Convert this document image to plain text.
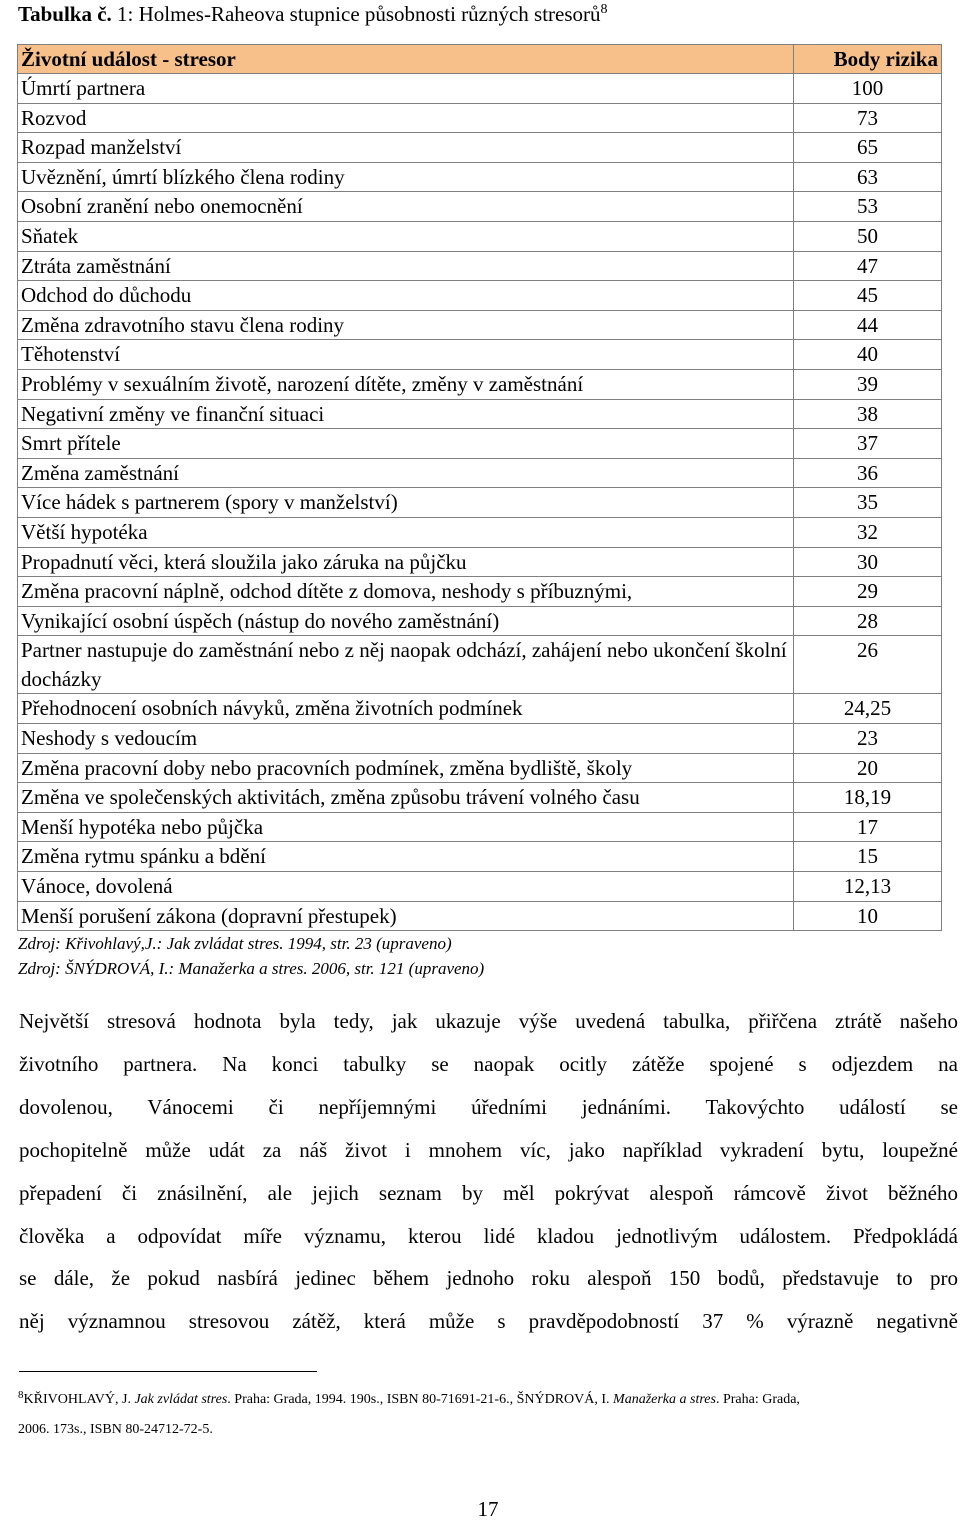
Tabulka č. 1: Holmes-Raheova stupnice působnosti různých stresorů$^8$
Životní událost - stresor	Body rizika
Úmrtí partnera	100
Rozvod	73
Rozpad manželství	65
Uvěznění, úmrtí blízkého člena rodiny	63
Osobní zranění nebo onemocnění	53
Sňatek	50
Ztráta zaměstnání	47
Odchod do důchodu	45
Změna zdravotního stavu člena rodiny	44
Těhotenství	40
Problémy v sexuálním životě, narození dítěte, změny v zaměstnání	39
Negativní změny ve finanční situaci	38
Smrt přítele	37
Změna zaměstnání	36
Více hádek s partnerem (spory v manželství)	35
Větší hypotéka	32
Propadnutí věci, která sloužila jako záruka na půjčku	30
Změna pracovní náplně, odchod dítěte z domova, neshody s příbuznými,	29
Vynikající osobní úspěch (nástup do nového zaměstnání)	28
Partner nastupuje do zaměstnání nebo z něj naopak odchází, zahájení nebo ukončení školní docházky	26
Přehodnocení osobních návyků, změna životních podmínek	24,25
Neshody s vedoucím	23
Změna pracovní doby nebo pracovních podmínek, změna bydliště, školy	20
Změna ve společenských aktivitách, změna způsobu trávení volného času	18,19
Menší hypotéka nebo půjčka	17
Změna rytmu spánku a bdění	15
Vánoce, dovolená	12,13
Menší porušení zákona (dopravní přestupek)	10
Zdroj: Křivohlavý,J.: Jak zvládat stres. 1994, str. 23 (upraveno)
Zdroj: ŠNÝDROVÁ, I.: Manažerka a stres. 2006, str. 121 (upraveno)
Největší stresová hodnota byla tedy, jak ukazuje výše uvedená tabulka, přiřčena ztrátě našeho
životního partnera. Na konci tabulky se naopak ocitly zátěže spojené s odjezdem na
dovolenou, Vánocemi či nepříjemnými úředními jednáními. Takovýchto událostí se
pochopitelně může udát za náš život i mnohem víc, jako například vykradení bytu, loupežné
přepadení či znásilnění, ale jejich seznam by měl pokrývat alespoň rámcově život běžného
člověka a odpovídat míře významu, kterou lidé kladou jednotlivým událostem. Předpokládá
se dále, že pokud nasbírá jedinec během jednoho roku alespoň 150 bodů, představuje to pro
něj významnou stresovou zátěž, která může s pravděpodobností 37 % výrazně negativně
$^8$KŘIVOHLAVÝ, J. Jak zvládat stres. Praha: Grada, 1994. 190s., ISBN 80-71691-21-6., ŠNÝDROVÁ, I. Manažerka a stres. Praha: Grada,
2006. 173s., ISBN 80-24712-72-5.
17
